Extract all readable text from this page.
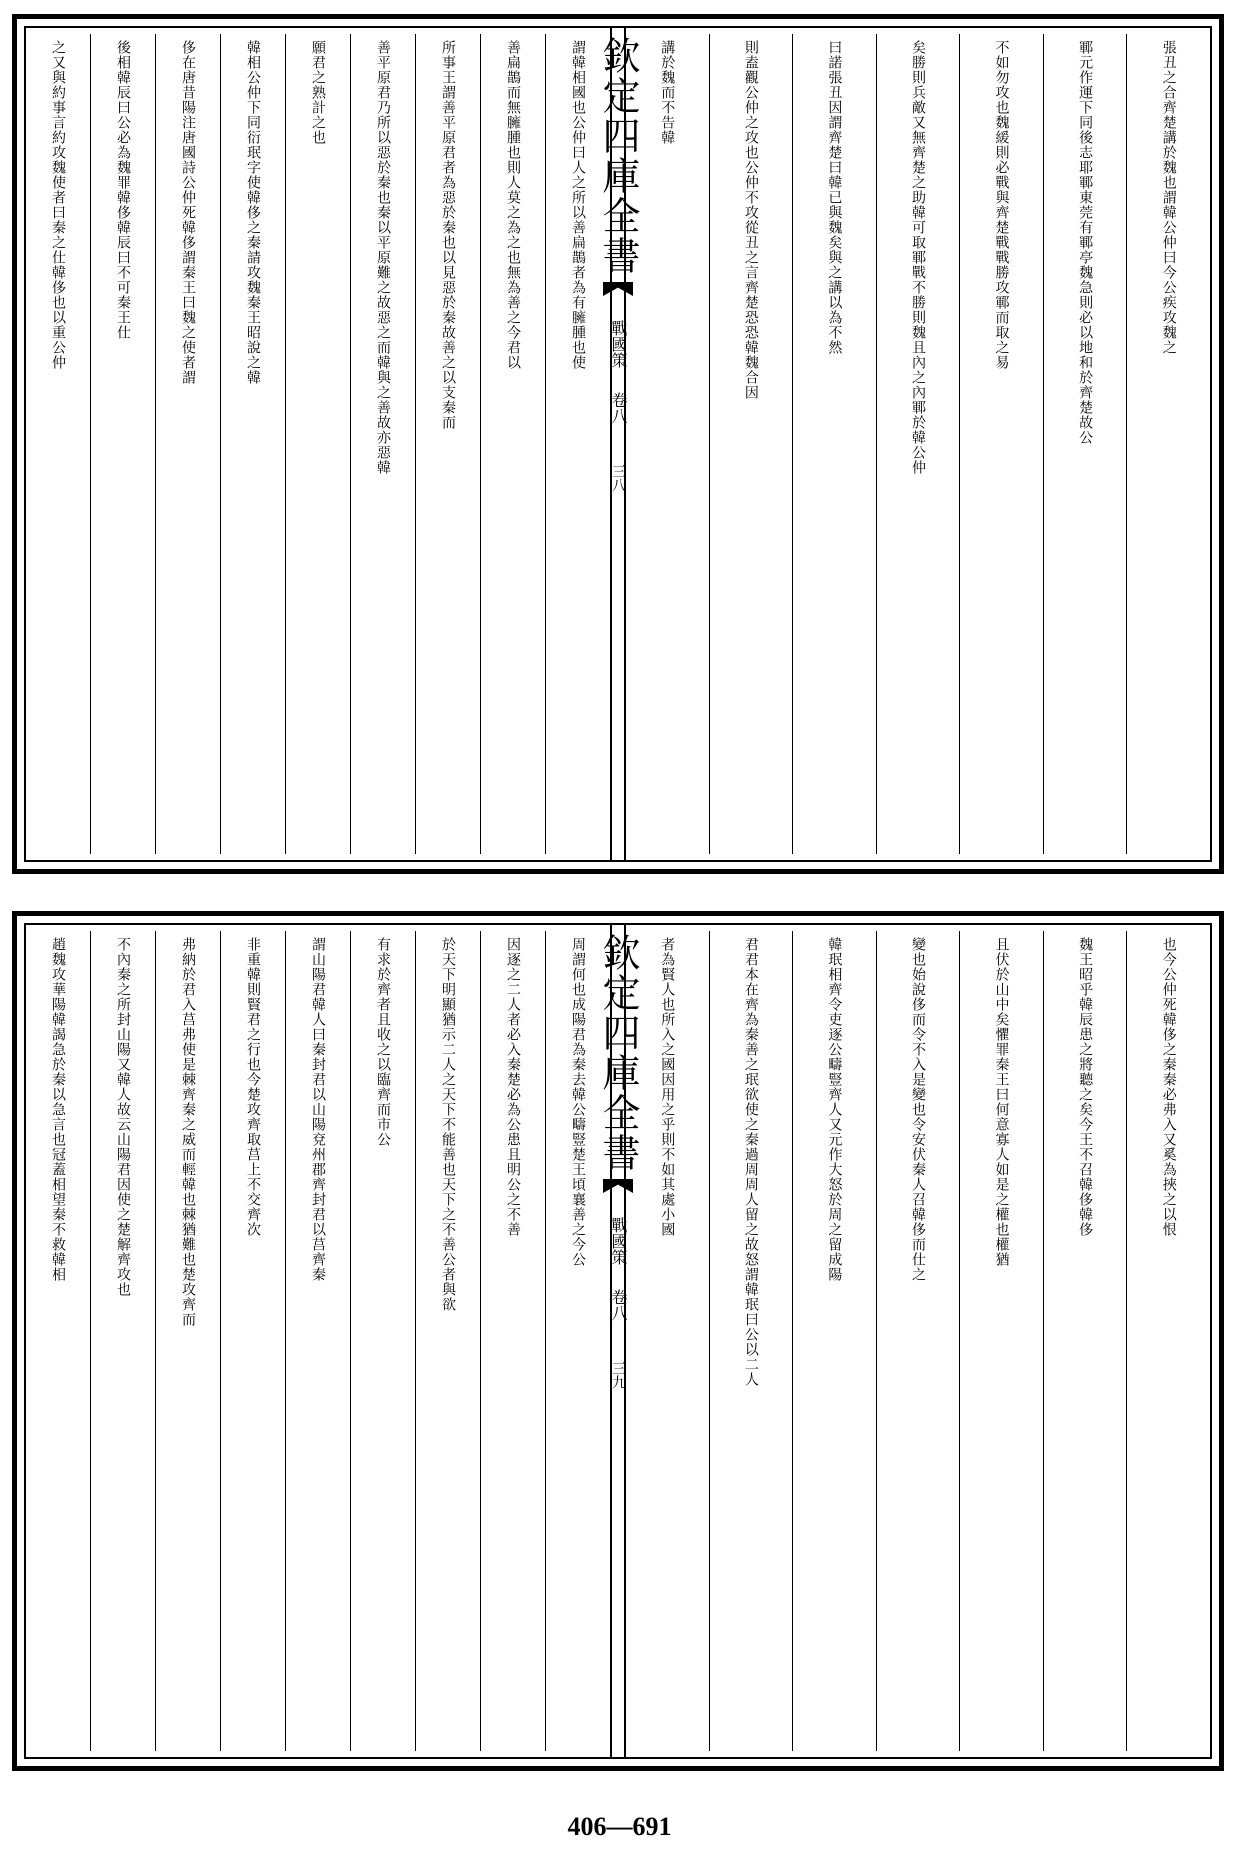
張丑之合齊楚講於魏也謂韓公仲曰今公疾攻魏之
鄆元作運下同後志耶鄆東莞有鄆亭魏急則必以地和於齊楚故公
不如勿攻也魏緩則必戰與齊楚戰戰勝攻鄆而取之易
矣勝則兵敵又無齊楚之助韓可取鄆戰不勝則魏且內之內鄆於韓公仲
曰諾張丑因謂齊楚曰韓已與魏矣與之講以為不然
則盍觀公仲之攻也公仲不攻從丑之言齊楚恐恐韓魏合因
講於魏而不告韓
欽定四庫全書
戰國策
卷八
三八
謂韓相國也公仲曰人之所以善扁鵲者為有臃腫也使
善扁鵲而無臃腫也則人莫之為之也無為善之今君以
所事王謂善平原君者為惡於秦也以見惡於秦故善之以支秦而
善平原君乃所以惡於秦也秦以平原難之故惡之而韓與之善故亦惡韓
願君之熟計之也
韓相公仲下同衍珉字使韓侈之秦請攻魏秦王昭說之韓
侈在唐昔陽注唐國詩公仲死韓侈謂秦王曰魏之使者謂
後相韓辰曰公必為魏罪韓侈韓辰曰不可秦王仕
之又與約事言約攻魏使者曰秦之仕韓侈也以重公仲
也今公仲死韓侈之秦秦必弗入又奚為挾之以恨
魏王昭乎韓辰患之將聽之矣今王不召韓侈韓侈
且伏於山中矣懼罪秦王曰何意寡人如是之權也權猶
變也始說侈而令不入是變也令安伏秦人召韓侈而仕之
韓珉相齊令吏逐公疇豎齊人又元作大怒於周之留成陽
君君本在齊為秦善之珉欲使之秦過周周人留之故怒謂韓珉曰公以二人
者為賢人也所入之國因用之乎則不如其處小國
欽定四庫全書
戰國策
卷八
三九
周謂何也成陽君為秦去韓公疇豎楚王頃襄善之今公
因逐之二人者必入秦楚必為公患且明公之不善
於天下明顯猶示二人之天下不能善也天下之不善公者與欲
有求於齊者且收之以臨齊而市公
謂山陽君韓人曰秦封君以山陽兗州郡齊封君以莒齊秦
非重韓則賢君之行也今楚攻齊取莒上不交齊次
弗納於君入莒弗使是棘齊秦之威而輕韓也棘猶難也楚攻齊而
不內秦之所封山陽又韓人故云山陽君因使之楚解齊攻也
趙魏攻華陽韓謁急於秦以急言也冠蓋相望秦不救韓相
406—691
